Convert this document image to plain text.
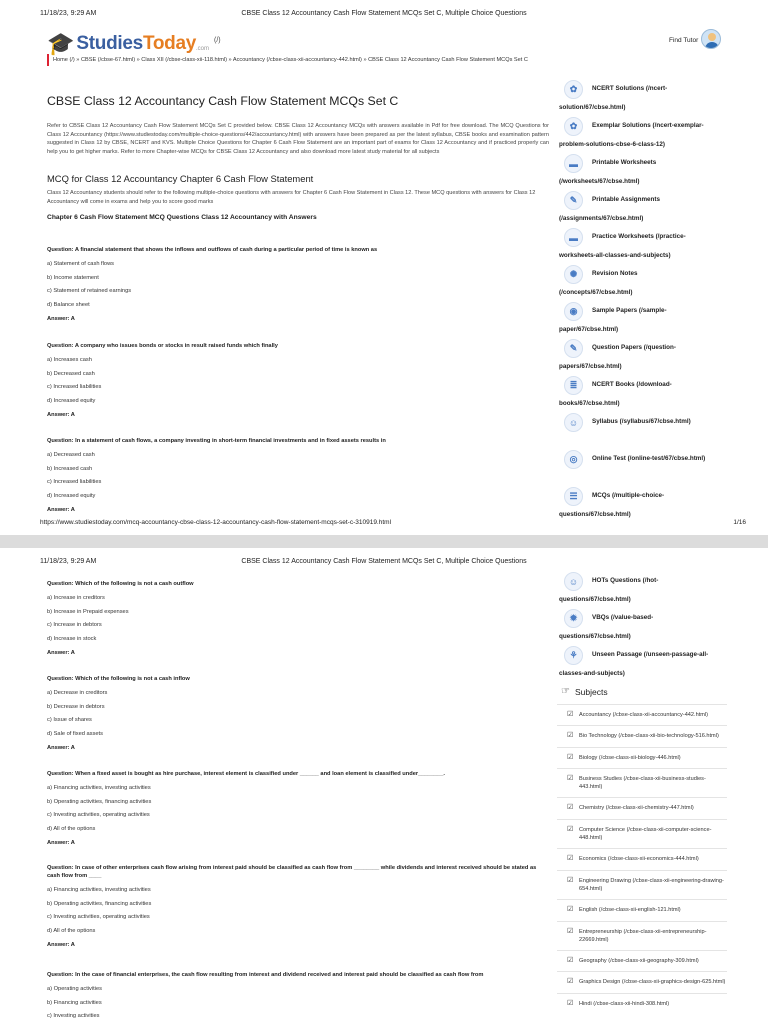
11/18/23, 9:29 AM	CBSE Class 12 Accountancy Cash Flow Statement MCQs Set C, Multiple Choice Questions
🎓 StudiesToday .com
(/)	Find Tutor
Home (/) » CBSE (/cbse-67.html) » Class XII (/cbse-class-xii-118.html) » Accountancy (/cbse-class-xii-accountancy-442.html) » CBSE Class 12 Accountancy Cash Flow Statement MCQs Set C
CBSE Class 12 Accountancy Cash Flow Statement MCQs Set C

Refer to CBSE Class 12 Accountancy Cash Flow Statement MCQs Set C provided below. CBSE Class 12 Accountancy MCQs with answers available in Pdf for free download. The MCQ Questions for Class 12 Accountancy (https://www.studiestoday.com/multiple-choice-questions/442/accountancy.html) with answers have been prepared as per the latest syllabus, CBSE books and examination pattern suggested in Class 12 by CBSE, NCERT and KVS. Multiple Choice Questions for Chapter 6 Cash Flow Statement are an important part of exams for Class 12 Accountancy and if practiced properly can help you to get higher marks. Refer to more Chapter-wise MCQs for CBSE Class 12 Accountancy and also download more latest study material for all subjects

MCQ for Class 12 Accountancy Chapter 6 Cash Flow Statement

Class 12 Accountancy students should refer to the following multiple-choice questions with answers for Chapter 6 Cash Flow Statement in Class 12. These MCQ questions with answers for Class 12 Accountancy will come in exams and help you to score good marks

Chapter 6 Cash Flow Statement MCQ Questions Class 12 Accountancy with Answers
Question: A financial statement that shows the inflows and outflows of cash during a particular period of time is known as
a) Statement of cash flows
b) Income statement
c) Statement of retained earnings
d) Balance sheet
Answer: A
Question: A company who issues bonds or stocks in result raised funds which finally
a) Increases cash
b) Decreased cash
c) Increased liabilities
d) Increased equity
Answer: A
Question: In a statement of cash flows, a company investing in short-term financial investments and in fixed assets results in
a) Decreased cash
b) Increased cash
c) Increased liabilities
d) Increased equity
Answer: A
✿	NCERT Solutions (/ncert-
solution/67/cbse.html)
✿	Exemplar Solutions (/ncert-exemplar-
problem-solutions-cbse-6-class-12)
▬	Printable Worksheets
(/worksheets/67/cbse.html)
✎	Printable Assignments
(/assignments/67/cbse.html)
▬	Practice Worksheets (/practice-
worksheets-all-classes-and-subjects)
✺	Revision Notes
(/concepts/67/cbse.html)
◉	Sample Papers (/sample-
paper/67/cbse.html)
✎	Question Papers (/question-
papers/67/cbse.html)
≣	NCERT Books (/download-
books/67/cbse.html)
☺	Syllabus (/syllabus/67/cbse.html)
◎	Online Test (/online-test/67/cbse.html)
☰	MCQs (/multiple-choice-
questions/67/cbse.html)
https://www.studiestoday.com/mcq-accountancy-cbse-class-12-accountancy-cash-flow-statement-mcqs-set-c-310919.html	1/16
11/18/23, 9:29 AM	CBSE Class 12 Accountancy Cash Flow Statement MCQs Set C, Multiple Choice Questions
Question: Which of the following is not a cash outflow
a) Increase in creditors
b) Increase in Prepaid expenses
c) Increase in debtors
d) Increase in stock
Answer: A
Question: Which of the following is not a cash inflow
a) Decrease in creditors
b) Decrease in debtors
c) Issue of shares
d) Sale of fixed assets
Answer: A
Question: When a fixed asset is bought as hire purchase, interest element is classified under ______ and loan element is classified under________.
a) Financing activities, investing activities
b) Operating activities, financing activities
c) Investing activities, operating activities
d) All of the options
Answer: A
Question: In case of other enterprises cash flow arising from interest paid should be classified as cash flow from ________ while dividends and interest received should be stated as cash flow from ____
a) Financing activities, investing activities
b) Operating activities, financing activities
c) Investing activities, operating activities
d) All of the options
Answer: A
Question: In the case of financial enterprises, the cash flow resulting from interest and dividend received and interest paid should be classified as cash flow from
a) Operating activities
b) Financing activities
c) Investing activities
☺	HOTs Questions (/hot-
questions/67/cbse.html)
✹	VBQs (/value-based-
questions/67/cbse.html)
⚘	Unseen Passage (/unseen-passage-all-
classes-and-subjects)
☞ Subjects
☑ Accountancy (/cbse-class-xii-accountancy-442.html)
☑ Bio Technology (/cbse-class-xii-bio-technology-516.html)
☑ Biology (/cbse-class-xii-biology-446.html)
☑ Business Studies (/cbse-class-xii-business-studies-443.html)
☑ Chemistry (/cbse-class-xii-chemistry-447.html)
☑ Computer Science (/cbse-class-xii-computer-science-448.html)
☑ Economics (/cbse-class-xii-economics-444.html)
☑ Engineering Drawing (/cbse-class-xii-engineering-drawing-654.html)
☑ English (/cbse-class-xii-english-121.html)
☑ Entrepreneurship (/cbse-class-xii-entrepreneurship-22669.html)
☑ Geography (/cbse-class-xii-geography-309.html)
☑ Graphics Design (/cbse-class-xii-graphics-design-625.html)
☑ Hindi (/cbse-class-xii-hindi-308.html)
